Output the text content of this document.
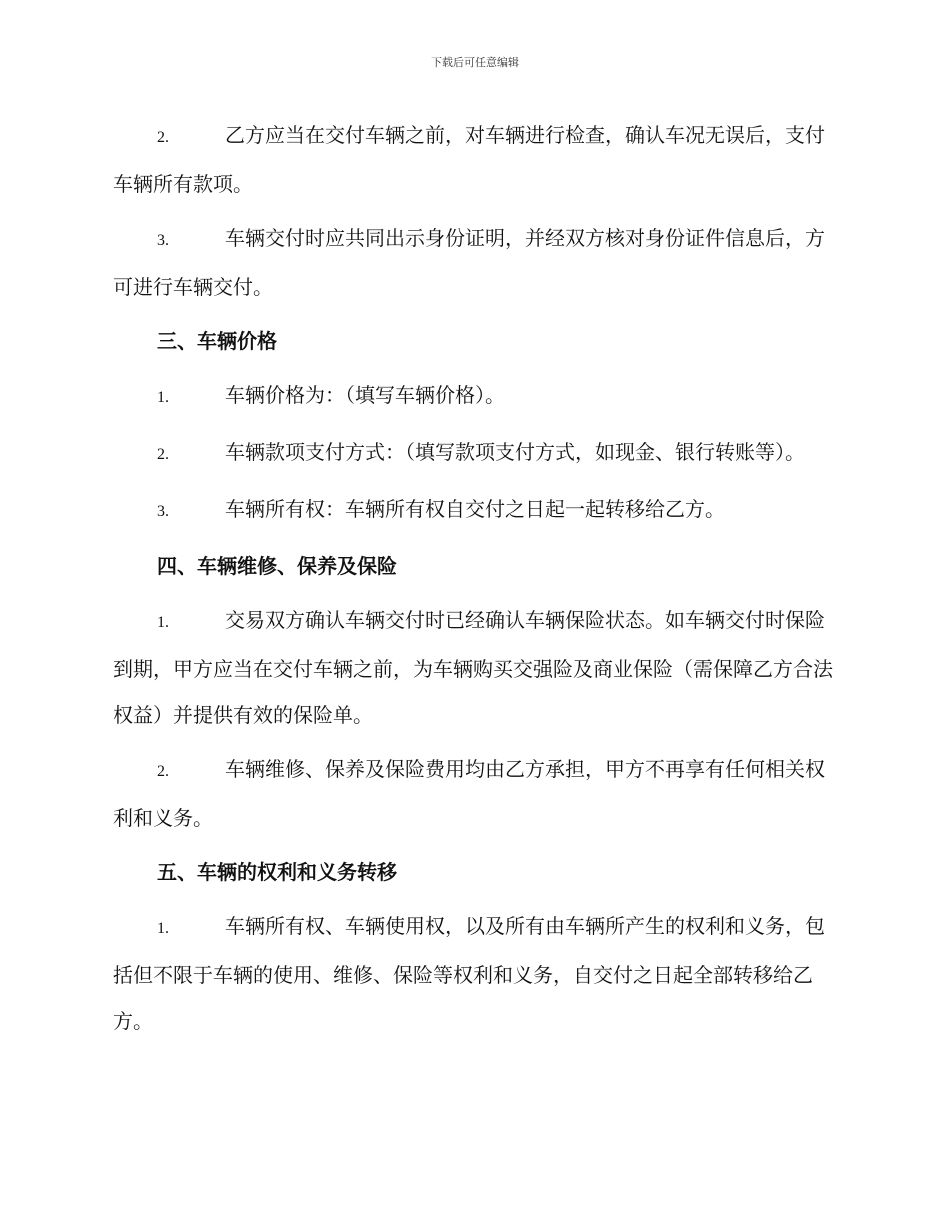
下载后可任意编辑
2.	乙方应当在交付车辆之前，对车辆进行检查，确认车况无误后，支付车辆所有款项。
3.	车辆交付时应共同出示身份证明，并经双方核对身份证件信息后，方可进行车辆交付。
三、车辆价格
1.	车辆价格为：（填写车辆价格）。
2.	车辆款项支付方式：（填写款项支付方式，如现金、银行转账等）。
3.	车辆所有权：车辆所有权自交付之日起一起转移给乙方。
四、车辆维修、保养及保险
1.	交易双方确认车辆交付时已经确认车辆保险状态。如车辆交付时保险到期，甲方应当在交付车辆之前，为车辆购买交强险及商业保险（需保障乙方合法权益）并提供有效的保险单。
2.	车辆维修、保养及保险费用均由乙方承担，甲方不再享有任何相关权利和义务。
五、车辆的权利和义务转移
1.	车辆所有权、车辆使用权，以及所有由车辆所产生的权利和义务，包括但不限于车辆的使用、维修、保险等权利和义务，自交付之日起全部转移给乙方。
